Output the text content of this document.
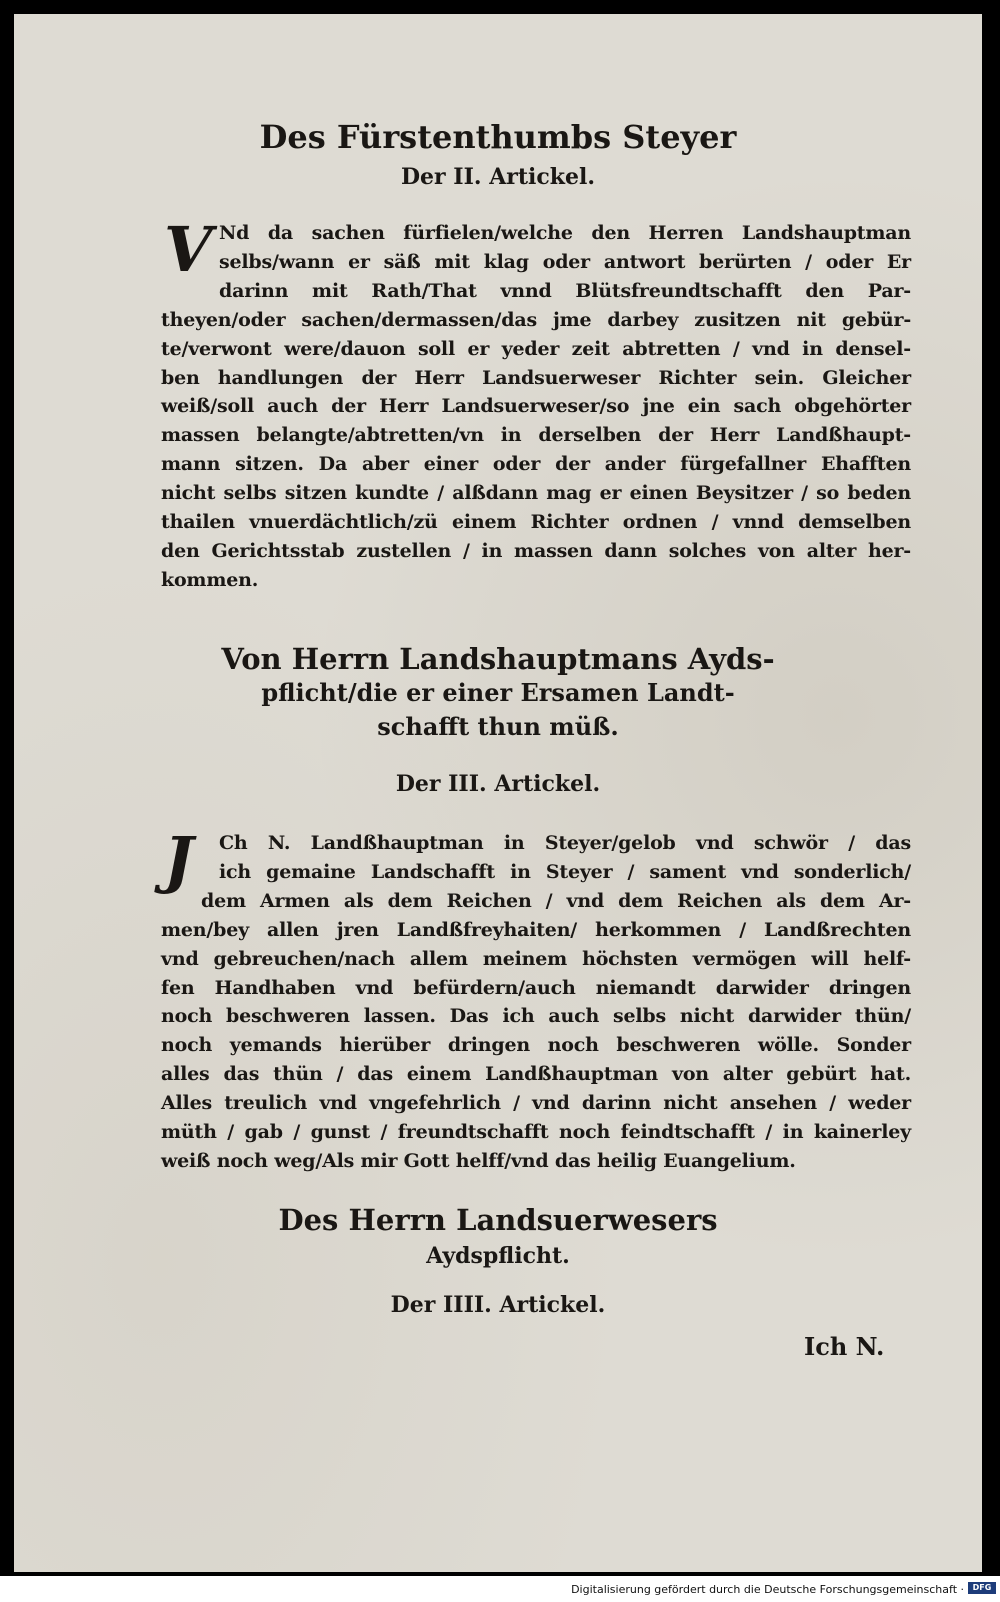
Des Fürstenthumbs Steyer
Der II. Artickel.
V Nd da sachen fürfielen/welche den Herren Landshauptman
selbs/wann er säß mit klag oder antwort berürten / oder Er
darinn mit Rath/That vnnd Blütsfreundtschafft den Par-
theyen/oder sachen/dermassen/das jme darbey zusitzen nit gebür-
te/verwont were/dauon soll er yeder zeit abtretten / vnd in densel-
ben handlungen der Herr Landsuerweser Richter sein. Gleicher
weiß/soll auch der Herr Landsuerweser/so jne ein sach obgehörter
massen belangte/abtretten/vn in derselben der Herr Landßhaupt-
mann sitzen. Da aber einer oder der ander fürgefallner Ehafften
nicht selbs sitzen kundte / alßdann mag er einen Beysitzer / so beden
thailen vnuerdächtlich/zü einem Richter ordnen / vnnd demselben
den Gerichtsstab zustellen / in massen dann solches von alter her-
kommen.
Von Herrn Landshauptmans Ayds-
pflicht/die er einer Ersamen Landt-
schafft thun müß.
Der III. Artickel.
J	Ch N. Landßhauptman in Steyer/gelob vnd schwör / das
ich gemaine Landschafft in Steyer / sament vnd sonderlich/
dem Armen als dem Reichen / vnd dem Reichen als dem Ar-
men/bey allen jren Landßfreyhaiten/ herkommen / Landßrechten
vnd gebreuchen/nach allem meinem höchsten vermögen will helf-
fen Handhaben vnd befürdern/auch niemandt darwider dringen
noch beschweren lassen. Das ich auch selbs nicht darwider thün/
noch yemands hierüber dringen noch beschweren wölle. Sonder
alles das thün / das einem Landßhauptman von alter gebürt hat.
Alles treulich vnd vngefehrlich / vnd darinn nicht ansehen / weder
müth / gab / gunst / freundtschafft noch feindtschafft / in kainerley
weiß noch weg/Als mir Gott helff/vnd das heilig Euangelium.
Des Herrn Landsuerwesers
Aydspflicht.
Der IIII. Artickel.
Ich N.
Digitalisierung gefördert durch die Deutsche Forschungsgemeinschaft ·	DFG
